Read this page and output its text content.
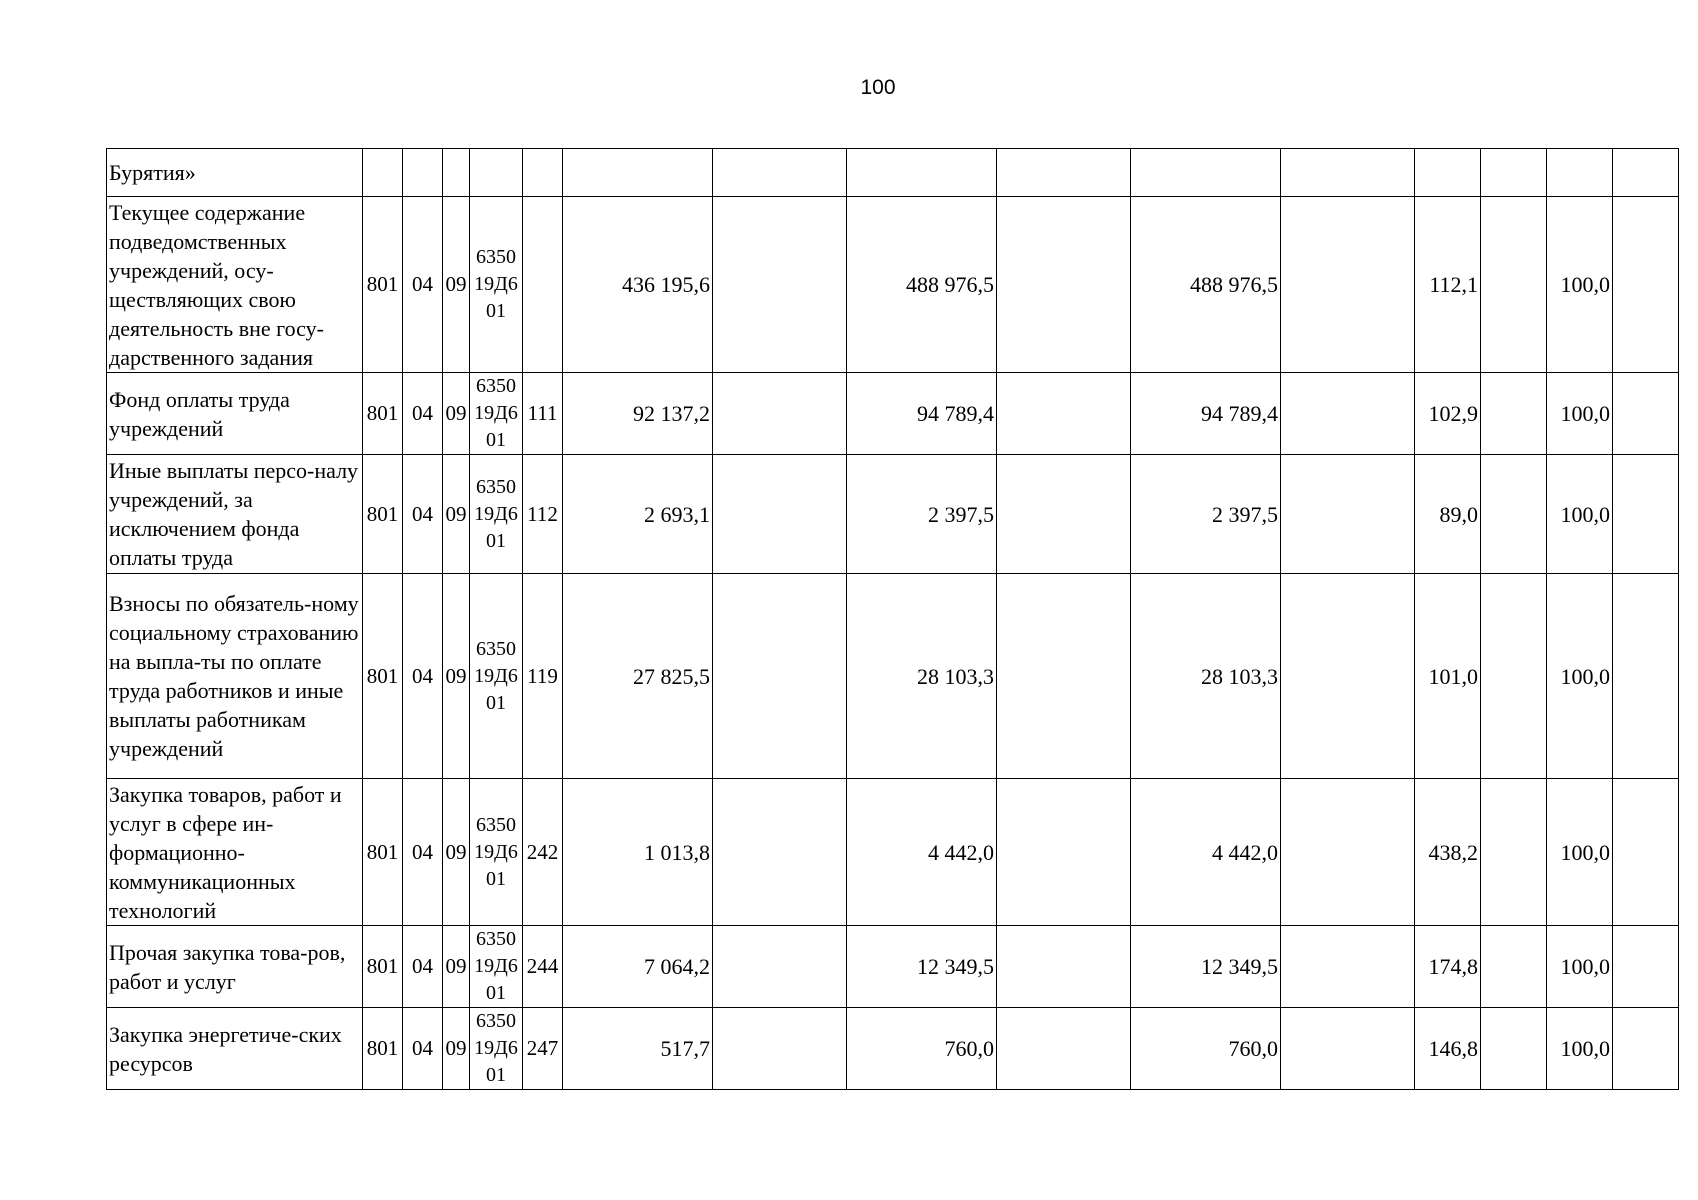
100
Бурятия»															
Текущее содержание подведомственных учреждений, осу-ществляющих свою деятельность вне госу-дарственного задания	801	04	09	6350 19Д6 01		436 195,6		488 976,5		488 976,5		112,1		100,0	
Фонд оплаты труда учреждений	801	04	09	6350 19Д6 01	111	92 137,2		94 789,4		94 789,4		102,9		100,0	
Иные выплаты персо-налу учреждений, за исключением фонда оплаты труда	801	04	09	6350 19Д6 01	112	2 693,1		2 397,5		2 397,5		89,0		100,0	
Взносы по обязатель-ному социальному страхованию на выпла-ты по оплате труда работников и иные выплаты работникам учреждений	801	04	09	6350 19Д6 01	119	27 825,5		28 103,3		28 103,3		101,0		100,0	
Закупка товаров, работ и услуг в сфере ин-формационно-коммуникационных технологий	801	04	09	6350 19Д6 01	242	1 013,8		4 442,0		4 442,0		438,2		100,0	
Прочая закупка това-ров, работ и услуг	801	04	09	6350 19Д6 01	244	7 064,2		12 349,5		12 349,5		174,8		100,0	
Закупка энергетиче-ских ресурсов	801	04	09	6350 19Д6 01	247	517,7		760,0		760,0		146,8		100,0	
